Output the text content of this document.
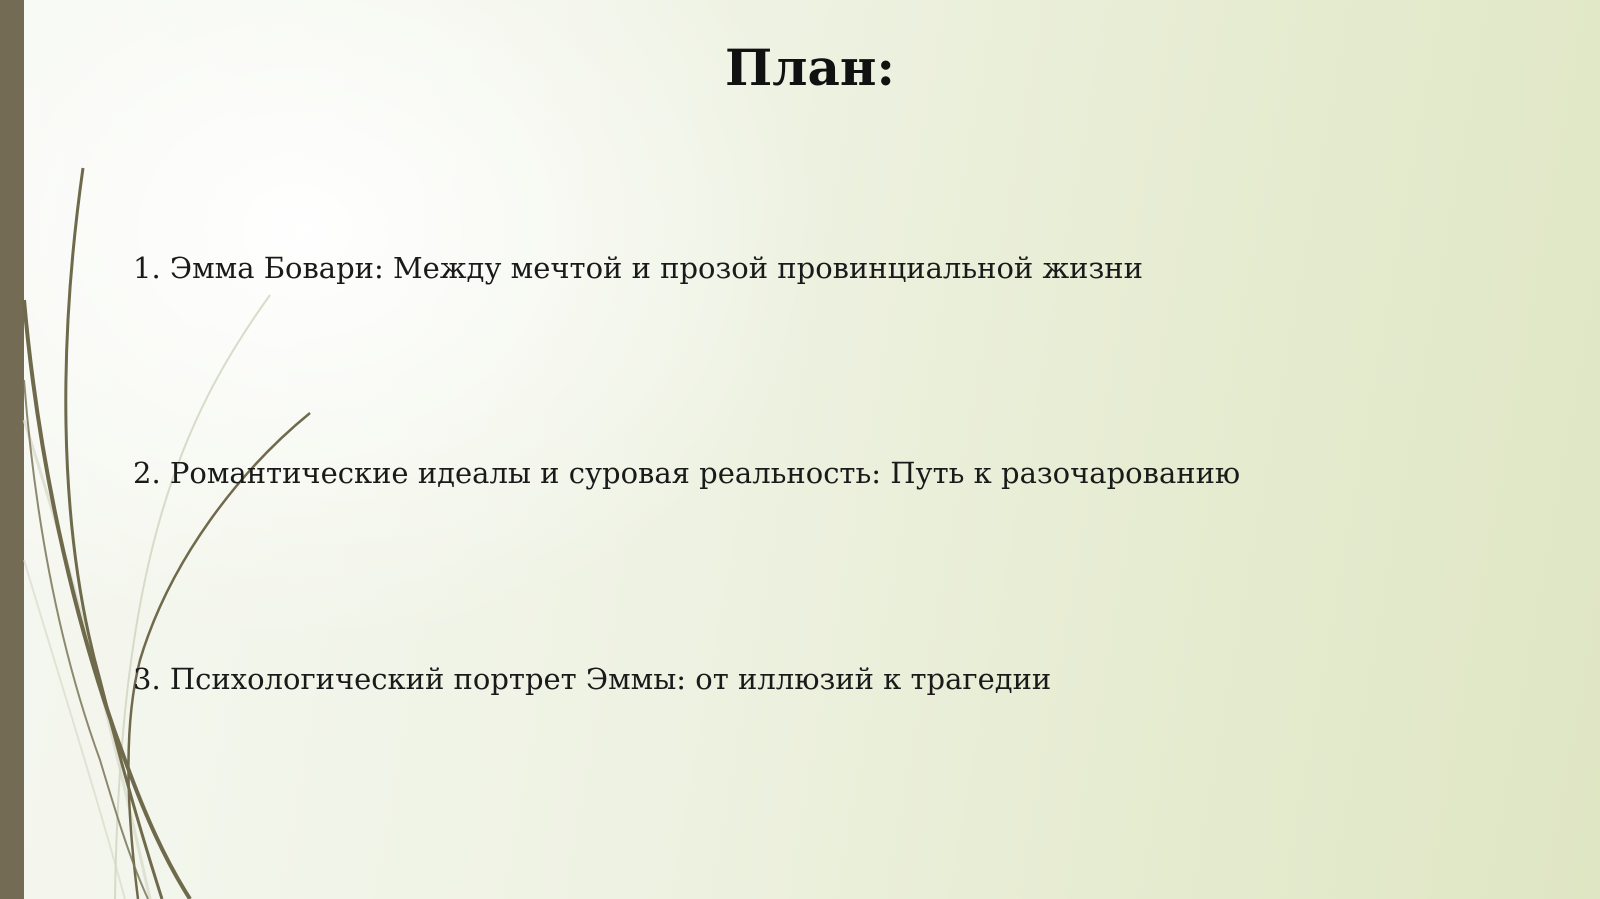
План:

1. Эмма Бовари: Между мечтой и прозой провинциальной жизни

2. Романтические идеалы и суровая реальность: Путь к разочарованию

3. Психологический портрет Эммы: от иллюзий к трагедии
